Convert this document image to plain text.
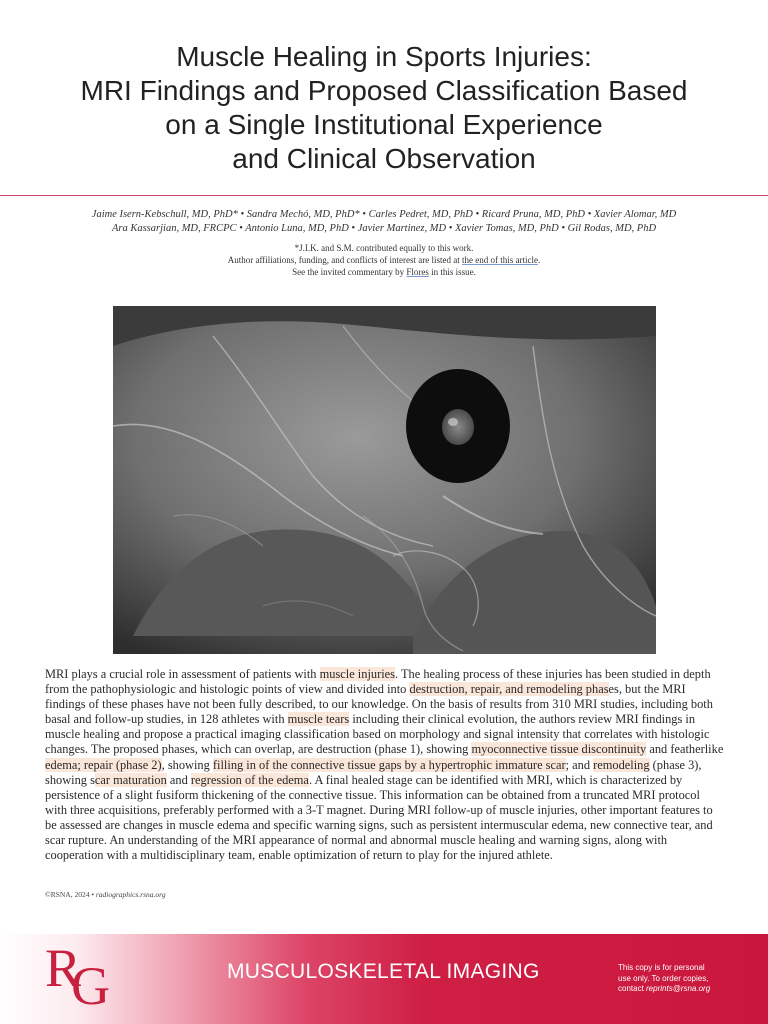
Muscle Healing in Sports Injuries:
MRI Findings and Proposed Classification Based
on a Single Institutional Experience
and Clinical Observation
Jaime Isern-Kebschull, MD, PhD* • Sandra Mechó, MD, PhD* • Carles Pedret, MD, PhD • Ricard Pruna, MD, PhD • Xavier Alomar, MD
Ara Kassarjian, MD, FRCPC • Antonio Luna, MD, PhD • Javier Martinez, MD • Xavier Tomas, MD, PhD • Gil Rodas, MD, PhD
*J.I.K. and S.M. contributed equally to this work.
Author affiliations, funding, and conflicts of interest are listed at the end of this article.
See the invited commentary by Flores in this issue.

MRI plays a crucial role in assessment of patients with muscle injuries. The healing process of these injuries has been studied in depth from the pathophysiologic and histologic points of view and divided into destruction, repair, and remodeling phases, but the MRI findings of these phases have not been fully described, to our knowledge. On the basis of results from 310 MRI studies, including both basal and follow-up studies, in 128 athletes with muscle tears including their clinical evolution, the authors review MRI findings in muscle healing and propose a practical imaging classification based on morphology and signal intensity that correlates with histologic changes. The proposed phases, which can overlap, are destruction (phase 1), showing myoconnective tissue discontinuity and featherlike edema; repair (phase 2), showing filling in of the connective tissue gaps by a hypertrophic immature scar; and remodeling (phase 3), showing scar maturation and regression of the edema. A final healed stage can be identified with MRI, which is characterized by persistence of a slight fusiform thickening of the connective tissue. This information can be obtained from a truncated MRI protocol with three acquisitions, preferably performed with a 3-T magnet. During MRI follow-up of muscle injuries, other important features to be assessed are changes in muscle edema and specific warning signs, such as persistent intermuscular edema, new connective tear, and scar rupture. An understanding of the MRI appearance of normal and abnormal muscle healing and warning signs, along with cooperation with a multidisciplinary team, enable optimization of return to play for the injured athlete.

©RSNA, 2024 • radiographics.rsna.org
R
G	MUSCULOSKELETAL IMAGING	This copy is for personal
use only. To order copies,
contact reprints@rsna.org
